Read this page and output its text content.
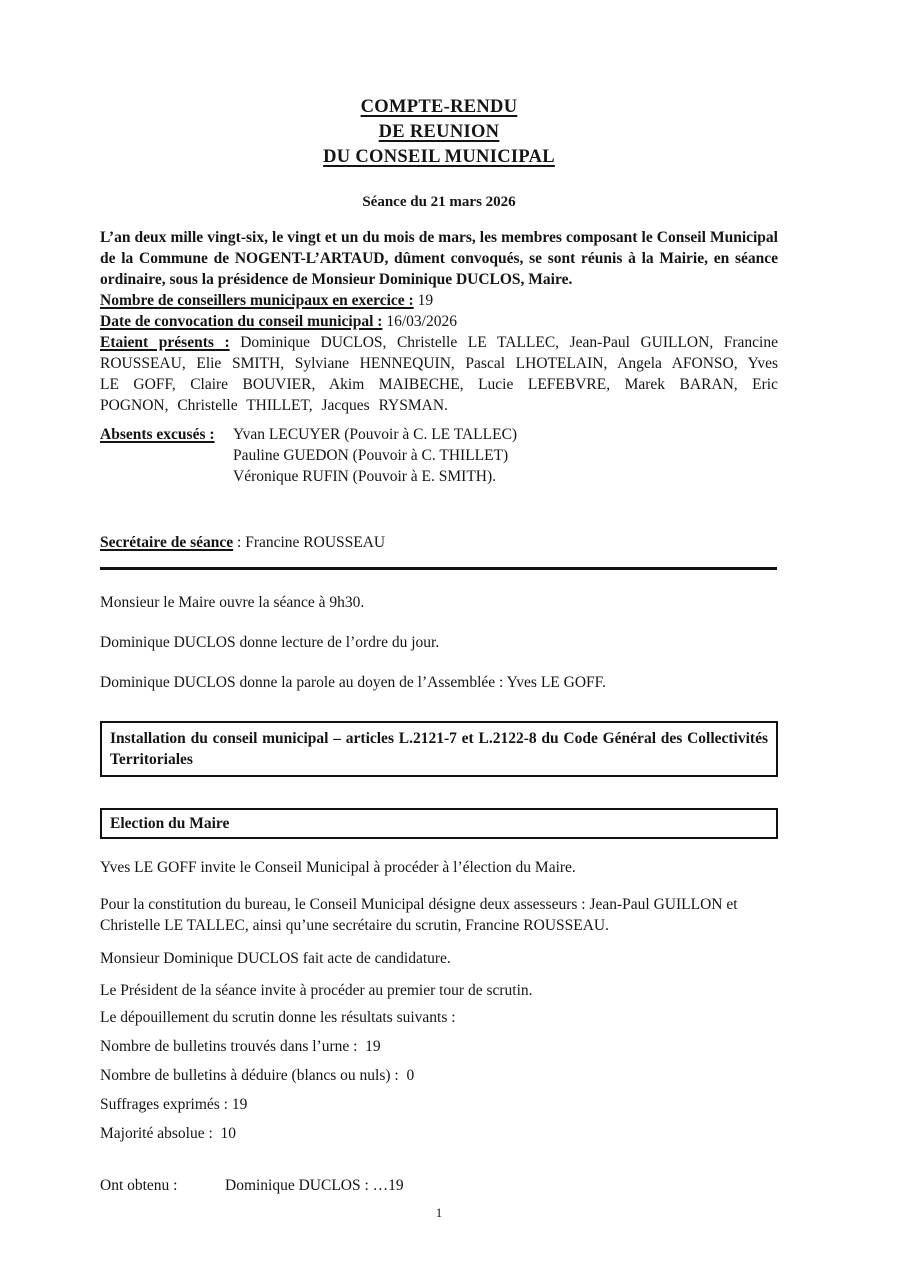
COMPTE-RENDU
DE REUNION
DU CONSEIL MUNICIPAL
Séance du 21 mars 2026

L’an deux mille vingt-six, le vingt et un du mois de mars, les membres composant le Conseil Municipal de la Commune de NOGENT-L’ARTAUD, dûment convoqués, se sont réunis à la Mairie, en séance ordinaire, sous la présidence de Monsieur Dominique DUCLOS, Maire.

Nombre de conseillers municipaux en exercice : 19

Date de convocation du conseil municipal : 16/03/2026

Etaient présents : Dominique DUCLOS, Christelle LE TALLEC, Jean-Paul GUILLON, Francine ROUSSEAU, Elie SMITH, Sylviane HENNEQUIN, Pascal LHOTELAIN, Angela AFONSO, Yves LE GOFF, Claire BOUVIER, Akim MAIBECHE, Lucie LEFEBVRE, Marek BARAN, Eric POGNON, Christelle THILLET, Jacques RYSMAN.

Absents excusés :	Yvan LECUYER (Pouvoir à C. LE TALLEC)
Pauline GUEDON (Pouvoir à C. THILLET)
Véronique RUFIN (Pouvoir à E. SMITH).

Secrétaire de séance : Francine ROUSSEAU

Monsieur le Maire ouvre la séance à 9h30.

Dominique DUCLOS donne lecture de l’ordre du jour.

Dominique DUCLOS donne la parole au doyen de l’Assemblée : Yves LE GOFF.

Installation du conseil municipal – articles L.2121-7 et L.2122-8 du Code Général des Collectivités Territoriales

Election du Maire

Yves LE GOFF invite le Conseil Municipal à procéder à l’élection du Maire.

Pour la constitution du bureau, le Conseil Municipal désigne deux assesseurs : Jean-Paul GUILLON et Christelle LE TALLEC, ainsi qu’une secrétaire du scrutin, Francine ROUSSEAU.

Monsieur Dominique DUCLOS fait acte de candidature.

Le Président de la séance invite à procéder au premier tour de scrutin.

Le dépouillement du scrutin donne les résultats suivants :

Nombre de bulletins trouvés dans l’urne :  19

Nombre de bulletins à déduire (blancs ou nuls) :  0

Suffrages exprimés : 19

Majorité absolue :  10

Ont obtenu :	Dominique DUCLOS : …19
1
